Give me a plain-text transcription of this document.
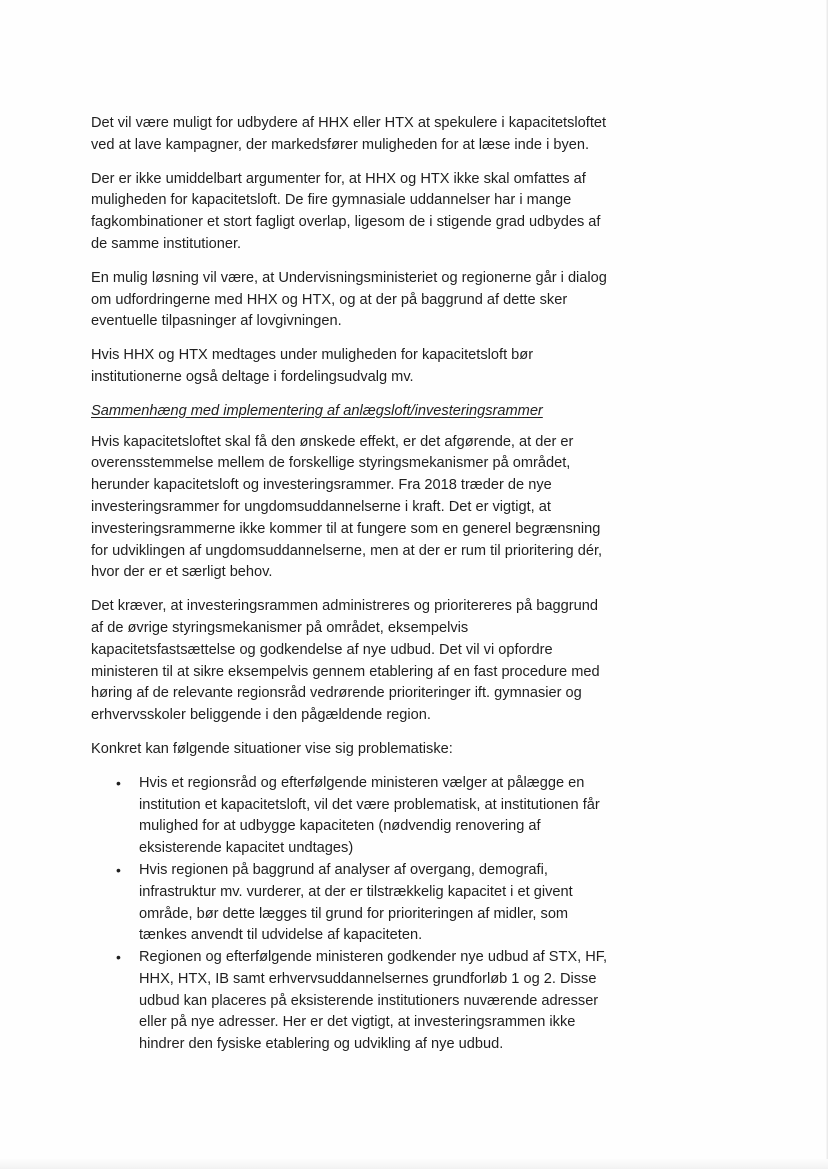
Det vil være muligt for udbydere af HHX eller HTX at spekulere i kapacitetsloftet ved at lave kampagner, der markedsfører muligheden for at læse inde i byen.

Der er ikke umiddelbart argumenter for, at HHX og HTX ikke skal omfattes af muligheden for kapacitetsloft. De fire gymnasiale uddannelser har i mange fagkombinationer et stort fagligt overlap, ligesom de i stigende grad udbydes af de samme institutioner.

En mulig løsning vil være, at Undervisningsministeriet og regionerne går i dialog om udfordringerne med HHX og HTX, og at der på baggrund af dette sker eventuelle tilpasninger af lovgivningen.

Hvis HHX og HTX medtages under muligheden for kapacitetsloft bør institutionerne også deltage i fordelingsudvalg mv.

Sammenhæng med implementering af anlægsloft/investeringsrammer

Hvis kapacitetsloftet skal få den ønskede effekt, er det afgørende, at der er overensstemmelse mellem de forskellige styringsmekanismer på området, herunder kapacitetsloft og investeringsrammer. Fra 2018 træder de nye investeringsrammer for ungdomsuddannelserne i kraft. Det er vigtigt, at investeringsrammerne ikke kommer til at fungere som en generel begrænsning for udviklingen af ungdomsuddannelserne, men at der er rum til prioritering dér, hvor der er et særligt behov.

Det kræver, at investeringsrammen administreres og prioritereres på baggrund af de øvrige styringsmekanismer på området, eksempelvis kapacitetsfastsættelse og godkendelse af nye udbud. Det vil vi opfordre ministeren til at sikre eksempelvis gennem etablering af en fast procedure med høring af de relevante regionsråd vedrørende prioriteringer ift. gymnasier og erhvervsskoler beliggende i den pågældende region.

Konkret kan følgende situationer vise sig problematiske:

• Hvis et regionsråd og efterfølgende ministeren vælger at pålægge en institution et kapacitetsloft, vil det være problematisk, at institutionen får mulighed for at udbygge kapaciteten (nødvendig renovering af eksisterende kapacitet undtages)
• Hvis regionen på baggrund af analyser af overgang, demografi, infrastruktur mv. vurderer, at der er tilstrækkelig kapacitet i et givent område, bør dette lægges til grund for prioriteringen af midler, som tænkes anvendt til udvidelse af kapaciteten.
• Regionen og efterfølgende ministeren godkender nye udbud af STX, HF, HHX, HTX, IB samt erhvervsuddannelsernes grundforløb 1 og 2. Disse udbud kan placeres på eksisterende institutioners nuværende adresser eller på nye adresser. Her er det vigtigt, at investeringsrammen ikke hindrer den fysiske etablering og udvikling af nye udbud.
